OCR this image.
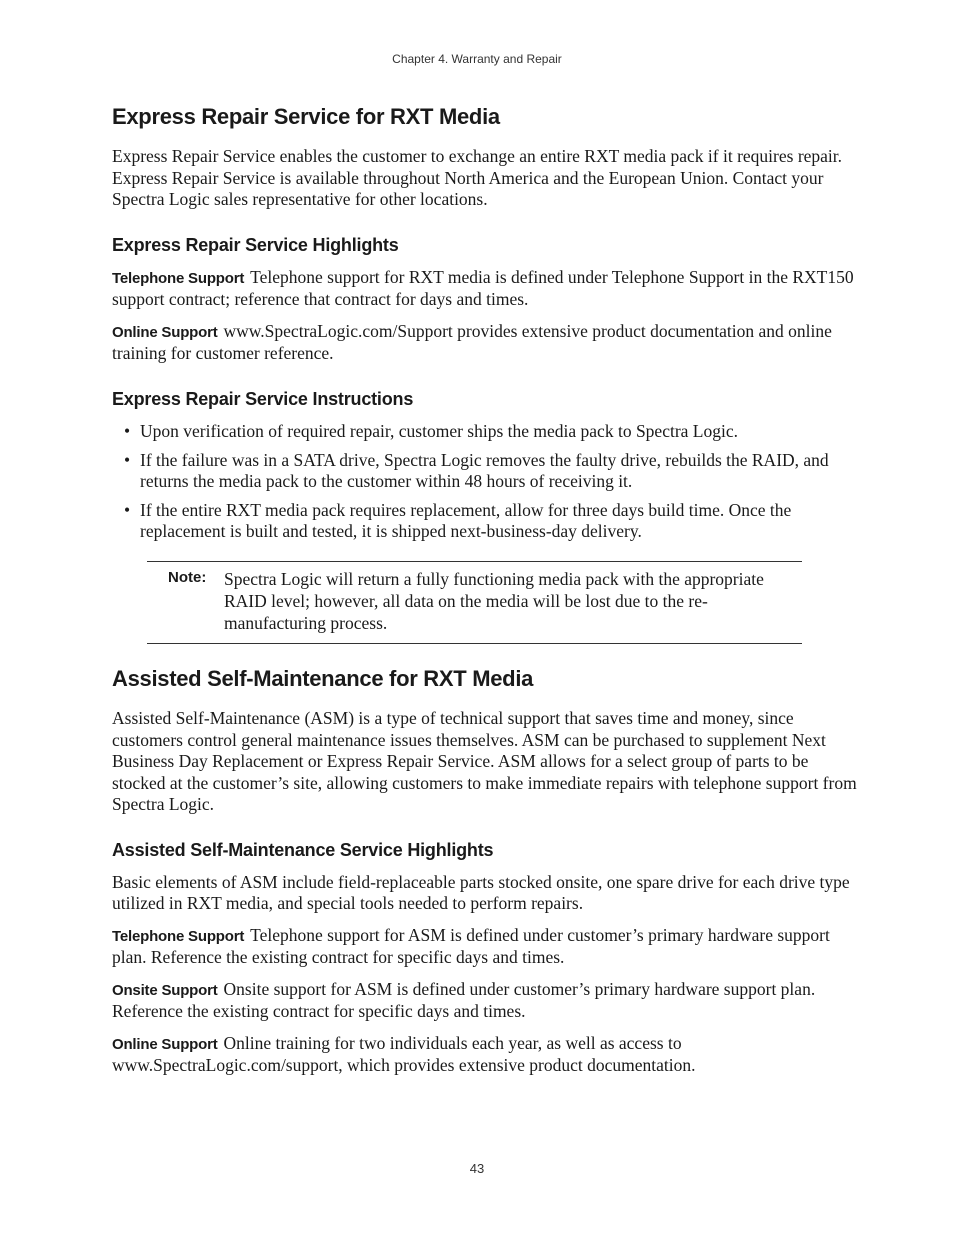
Chapter 4. Warranty and Repair
Express Repair Service for RXT Media

Express Repair Service enables the customer to exchange an entire RXT media pack if it requires repair. Express Repair Service is available throughout North America and the European Union. Contact your Spectra Logic sales representative for other locations.

Express Repair Service Highlights

Telephone Support Telephone support for RXT media is defined under Telephone Support in the RXT150 support contract; reference that contract for days and times.

Online Support www.SpectraLogic.com/Support provides extensive product documentation and online training for customer reference.

Express Repair Service Instructions
• Upon verification of required repair, customer ships the media pack to Spectra Logic.
• If the failure was in a SATA drive, Spectra Logic removes the faulty drive, rebuilds the RAID, and returns the media pack to the customer within 48 hours of receiving it.
• If the entire RXT media pack requires replacement, allow for three days build time. Once the replacement is built and tested, it is shipped next-business-day delivery.
Note: Spectra Logic will return a fully functioning media pack with the appropriate RAID level; however, all data on the media will be lost due to the re-manufacturing process.
Assisted Self-Maintenance for RXT Media

Assisted Self-Maintenance (ASM) is a type of technical support that saves time and money, since customers control general maintenance issues themselves. ASM can be purchased to supplement Next Business Day Replacement or Express Repair Service. ASM allows for a select group of parts to be stocked at the customer’s site, allowing customers to make immediate repairs with telephone support from Spectra Logic.

Assisted Self-Maintenance Service Highlights

Basic elements of ASM include field-replaceable parts stocked onsite, one spare drive for each drive type utilized in RXT media, and special tools needed to perform repairs.

Telephone Support Telephone support for ASM is defined under customer’s primary hardware support plan. Reference the existing contract for specific days and times.

Onsite Support Onsite support for ASM is defined under customer’s primary hardware support plan. Reference the existing contract for specific days and times.

Online Support Online training for two individuals each year, as well as access to www.SpectraLogic.com/support, which provides extensive product documentation.

43
